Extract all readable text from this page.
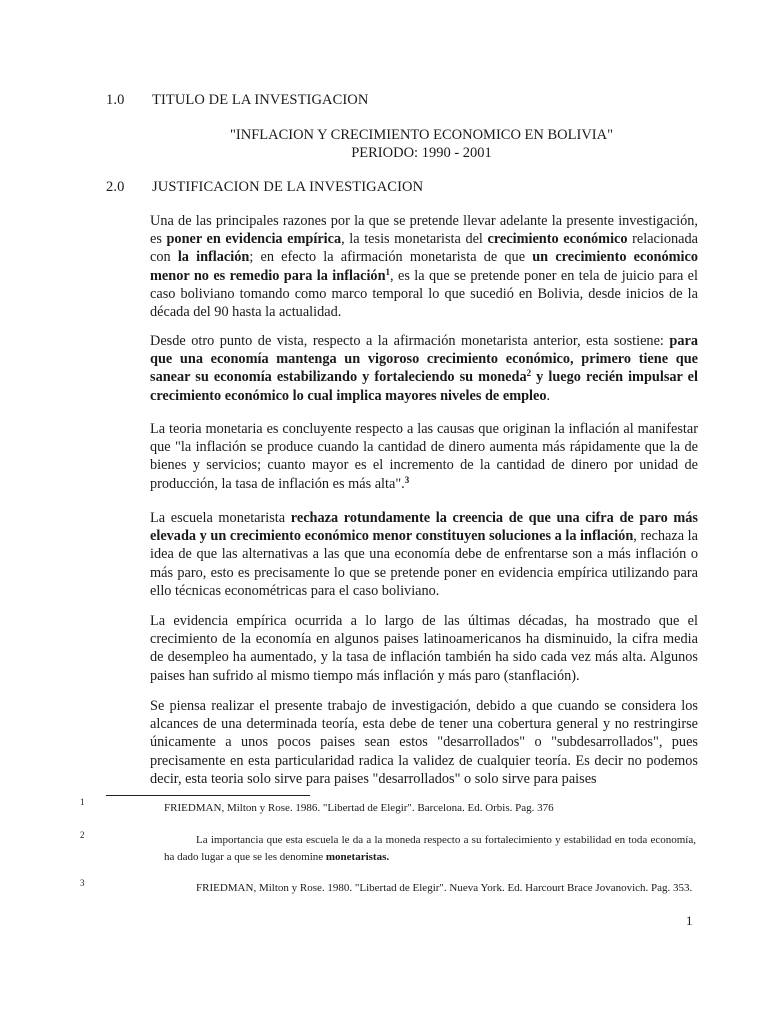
1.0 TITULO DE LA INVESTIGACION
"INFLACION Y CRECIMIENTO ECONOMICO EN BOLIVIA"
PERIODO: 1990 - 2001
2.0 JUSTIFICACION DE LA INVESTIGACION

Una de las principales razones por la que se pretende llevar adelante la presente investigación, es poner en evidencia empírica, la tesis monetarista del crecimiento económico relacionada con la inflación; en efecto la afirmación monetarista de que un crecimiento económico menor no es remedio para la inflación$^1$, es la que se pretende poner en tela de juicio para el caso boliviano tomando como marco temporal lo que sucedió en Bolivia, desde inicios de la década del 90 hasta la actualidad.

Desde otro punto de vista, respecto a la afirmación monetarista anterior, esta sostiene: para que una economía mantenga un vigoroso crecimiento económico, primero tiene que sanear su economía estabilizando y fortaleciendo su moneda$^2$ y luego recién impulsar el crecimiento económico lo cual implica mayores niveles de empleo.

La teoria monetaria es concluyente respecto a las causas que originan la inflación al manifestar que "la inflación se produce cuando la cantidad de dinero aumenta más rápidamente que la de bienes y servicios; cuanto mayor es el incremento de la cantidad de dinero por unidad de producción, la tasa de inflación es más alta".$^3$

La escuela monetarista rechaza rotundamente la creencia de que una cifra de paro más elevada y un crecimiento económico menor constituyen soluciones a la inflación, rechaza la idea de que las alternativas a las que una economía debe de enfrentarse son a más inflación o más paro, esto es precisamente lo que se pretende poner en evidencia empírica utilizando para ello técnicas econométricas para el caso boliviano.

La evidencia empírica ocurrida a lo largo de las últimas décadas, ha mostrado que el crecimiento de la economía en algunos paises latinoamericanos ha disminuido, la cifra media de desempleo ha aumentado, y la tasa de inflación también ha sido cada vez más alta. Algunos paises han sufrido al mismo tiempo más inflación y más paro (stanflación).

Se piensa realizar el presente trabajo de investigación, debido a que cuando se considera los alcances de una determinada teoría, esta debe de tener una cobertura general y no restringirse únicamente a unos pocos paises sean estos "desarrollados" o "subdesarrollados", pues precisamente en esta particularidad radica la validez de cualquier teoría. Es decir no podemos decir, esta teoria solo sirve para paises "desarrollados" o solo sirve para paises

1	FRIEDMAN, Milton y Rose. 1986. "Libertad de Elegir". Barcelona. Ed. Orbis. Pag. 376

2	La importancia que esta escuela le da a la moneda respecto a su fortalecimiento y estabilidad en toda economía, ha dado lugar a que se les denomine monetaristas.

3	FRIEDMAN, Milton y Rose. 1980. "Libertad de Elegir". Nueva York. Ed. Harcourt Brace Jovanovich. Pag. 353.

1
